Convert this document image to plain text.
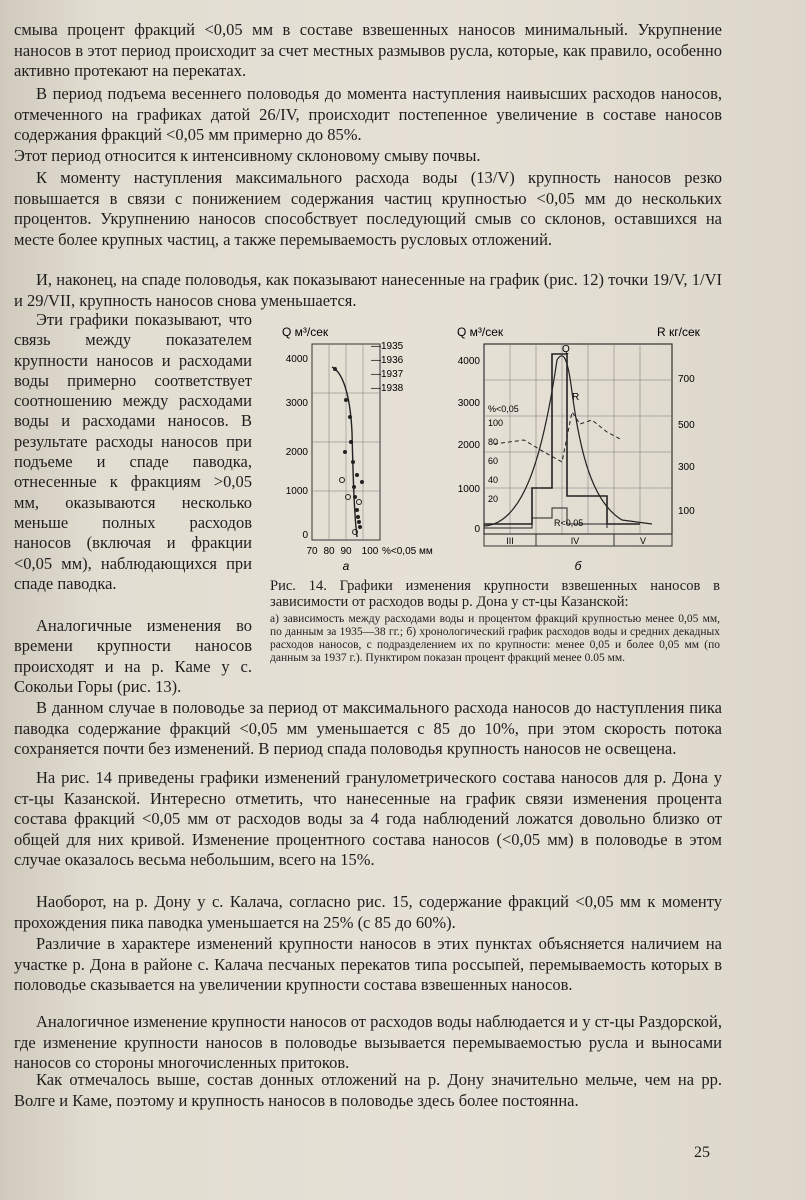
смыва процент фракций <0,05 мм в составе взвешенных наносов минимальный. Укрупнение наносов в этот период происходит за счет местных размывов русла, которые, как правило, особенно активно протекают на перекатах.

В период подъема весеннего половодья до момента наступления наивысших расходов наносов, отмеченного на графиках датой 26/IV, происходит постепенное увеличение в составе наносов содержания фракций <0,05 мм примерно до 85%.

Этот период относится к интенсивному склоновому смыву почвы.

К моменту наступления максимального расхода воды (13/V) крупность наносов резко повышается в связи с понижением содержания частиц крупностью <0,05 мм до нескольких процентов. Укрупнению наносов способствует последующий смыв со склонов, оставшихся на месте более крупных частиц, а также перемываемость русловых отложений.

И, наконец, на спаде половодья, как показывают нанесенные на график (рис. 12) точки 19/V, 1/VI и 29/VII, крупность наносов снова уменьшается.

Эти графики показывают, что связь между показателем крупности наносов и расходами воды примерно соответствует соотношению между расходами воды и расходами наносов. В результате расходы наносов при подъеме и спаде паводка, отнесенные к фракциям >0,05 мм, оказываются несколько меньше полных расходов наносов (включая и фракции <0,05 мм), наблюдающихся при спаде паводка.

Аналогичные изменения во времени крупности наносов происходят и на р. Каме у с. Сокольи Горы (рис. 13).

Q м³/сек
4000
3000
2000
1000
0
70 80 90 100 %<0,05 мм
—1935
—1936
—1937
—1938
а
Q м³/сек	R кг/сек
4000
3000
2000
1000
0
%<0,05
100
80
60
40
20
700
500
300
100
III	IV	V
Q
R
R<0,05
б
Рис. 14. Графики изменения крупности взвешенных наносов в зависимости от расходов воды р. Дона у ст-цы Казанской:
а) зависимость между расходами воды и процентом фракций крупностью менее 0,05 мм, по данным за 1935—38 гг.; б) хронологический график расходов воды и средних декадных расходов наносов, с подразделением их по крупности: менее 0,05 и более 0,05 мм (по данным за 1937 г.). Пунктиром показан процент фракций менее 0.05 мм.

В данном случае в половодье за период от максимального расхода наносов до наступления пика паводка содержание фракций <0,05 мм уменьшается с 85 до 10%, при этом скорость потока сохраняется почти без изменений. В период спада половодья крупность наносов не освещена.

На рис. 14 приведены графики изменений гранулометрического состава наносов для р. Дона у ст-цы Казанской. Интересно отметить, что нанесенные на график связи изменения процента состава фракций <0,05 мм от расходов воды за 4 года наблюдений ложатся довольно близко от общей для них кривой. Изменение процентного состава наносов (<0,05 мм) в половодье в этом случае оказалось весьма небольшим, всего на 15%.

Наоборот, на р. Дону у с. Калача, согласно рис. 15, содержание фракций <0,05 мм к моменту прохождения пика паводка уменьшается на 25% (с 85 до 60%).

Различие в характере изменений крупности наносов в этих пунктах объясняется наличием на участке р. Дона в районе с. Калача песчаных перекатов типа россыпей, перемываемость которых в половодье сказывается на увеличении крупности состава взвешенных наносов.

Аналогичное изменение крупности наносов от расходов воды наблюдается и у ст-цы Раздорской, где изменение крупности наносов в половодье вызывается перемываемостью русла и выносами наносов со стороны многочисленных притоков.

Как отмечалось выше, состав донных отложений на р. Дону значительно мельче, чем на рр. Волге и Каме, поэтому и крупность наносов в половодье здесь более постоянна.

25
